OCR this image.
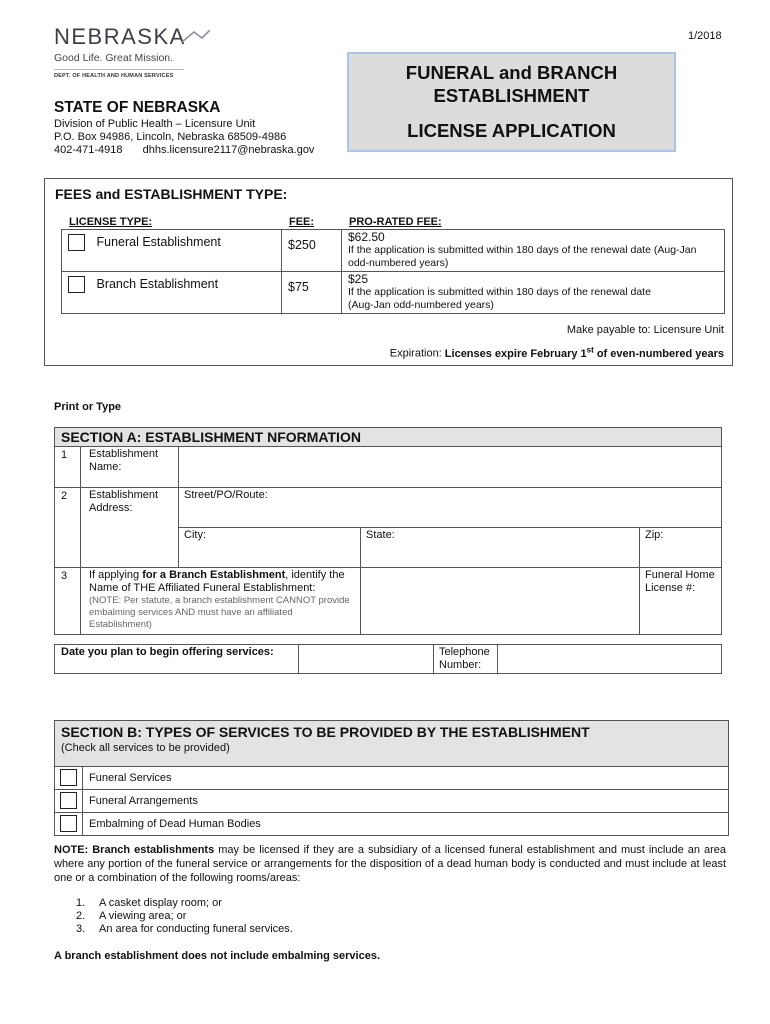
1/2018
NEBRASKA
Good Life. Great Mission.
DEPT. OF HEALTH AND HUMAN SERVICES
STATE OF NEBRASKA
Division of Public Health – Licensure Unit
P.O. Box 94986, Lincoln, Nebraska 68509-4986
402-471-4918 dhhs.licensure2117@nebraska.gov
FUNERAL and BRANCH
ESTABLISHMENT
LICENSE APPLICATION
FEES and ESTABLISHMENT TYPE:
LICENSE TYPE:	FEE:	PRO-RATED FEE:
Funeral Establishment	$250	$62.50
If the application is submitted within 180 days of the renewal date (Aug-Jan odd-numbered years)

Branch Establishment	$75	$25
If the application is submitted within 180 days of the renewal date (Aug-Jan odd-numbered years)
Make payable to: Licensure Unit
Expiration: Licenses expire February 1st of even-numbered years
Print or Type
SECTION A: ESTABLISHMENT NFORMATION				
1	Establishment Name:			
2	Establishment Address:	Street/PO/Route:		
		City:	State:	Zip:
3	If applying for a Branch Establishment, identify the Name of THE Affiliated Funeral Establishment:
(NOTE: Per statute, a branch establishment CANNOT provide embalming services AND must have an affiliated Establishment)			Funeral Home License #:
Date you plan to begin offering services:		Telephone Number:	
SECTION B: TYPES OF SERVICES TO BE PROVIDED BY THE ESTABLISHMENT
(Check all services to be provided)	

	Funeral Services
	Funeral Arrangements
	Embalming of Dead Human Bodies
NOTE: Branch establishments may be licensed if they are a subsidiary of a licensed funeral establishment and must include an area where any portion of the funeral service or arrangements for the disposition of a dead human body is conducted and must include at least one or a combination of the following rooms/areas:
1. A casket display room; or
2. A viewing area; or
3. An area for conducting funeral services.
A branch establishment does not include embalming services.
